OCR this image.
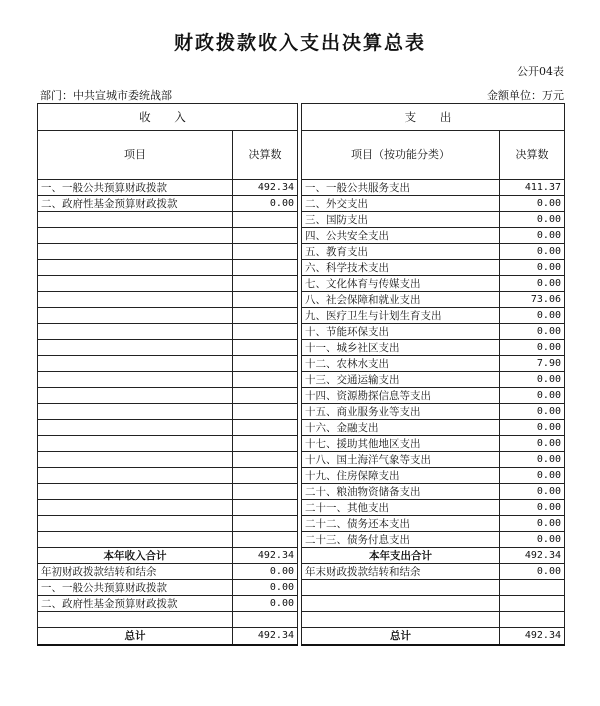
财政拨款收入支出决算总表
公开04表
部门：中共宣城市委统战部	金额单位：万元
收 入			支 出	
项目	决算数		项目（按功能分类）	决算数
一、一般公共预算财政拨款	492.34		一、一般公共服务支出	411.37
二、政府性基金预算财政拨款	0.00		二、外交支出	0.00
			三、国防支出	0.00
			四、公共安全支出	0.00
			五、教育支出	0.00
			六、科学技术支出	0.00
			七、文化体育与传媒支出	0.00
			八、社会保障和就业支出	73.06
			九、医疗卫生与计划生育支出	0.00
			十、节能环保支出	0.00
			十一、城乡社区支出	0.00
			十二、农林水支出	7.90
			十三、交通运输支出	0.00
			十四、资源勘探信息等支出	0.00
			十五、商业服务业等支出	0.00
			十六、金融支出	0.00
			十七、援助其他地区支出	0.00
			十八、国土海洋气象等支出	0.00
			十九、住房保障支出	0.00
			二十、粮油物资储备支出	0.00
			二十一、其他支出	0.00
			二十二、债务还本支出	0.00
			二十三、债务付息支出	0.00
本年收入合计	492.34		本年支出合计	492.34
年初财政拨款结转和结余	0.00		年末财政拨款结转和结余	0.00
一、一般公共预算财政拨款	0.00			
二、政府性基金预算财政拨款	0.00			

总计	492.34		总计	492.34
